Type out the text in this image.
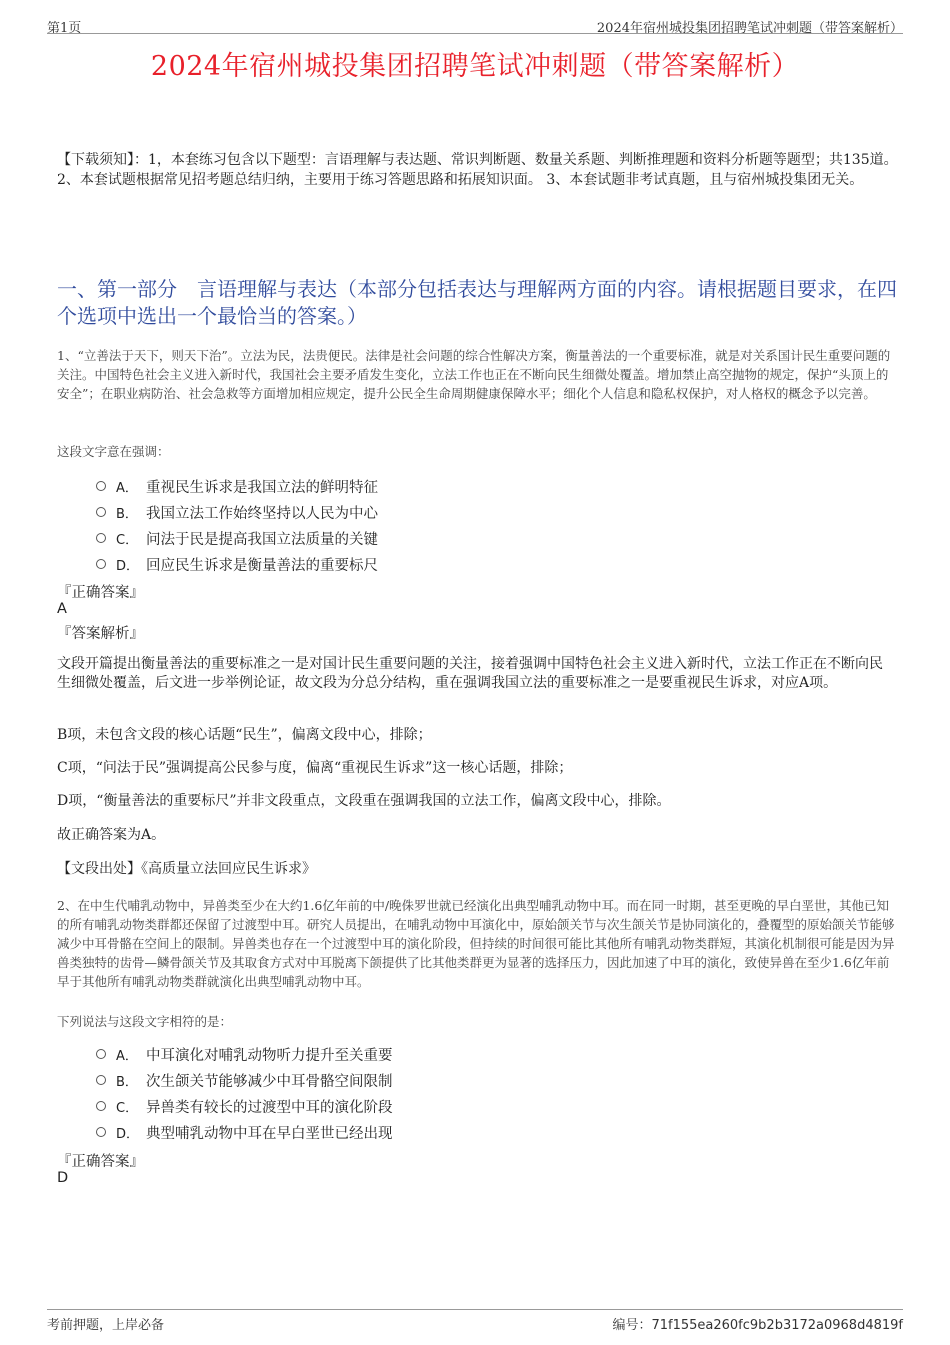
第1页	2024年宿州城投集团招聘笔试冲刺题（带答案解析）
2024年宿州城投集团招聘笔试冲刺题（带答案解析）
【下载须知】：1，本套练习包含以下题型：言语理解与表达题、常识判断题、数量关系题、判断推理题和资料分析题等题型；共135道。 2、本套试题根据常见招考题总结归纳，主要用于练习答题思路和拓展知识面。 3、本套试题非考试真题，且与宿州城投集团无关。
一、第一部分　言语理解与表达（本部分包括表达与理解两方面的内容。请根据题目要求，在四个选项中选出一个最恰当的答案。）
1、“立善法于天下，则天下治”。立法为民，法贵便民。法律是社会问题的综合性解决方案，衡量善法的一个重要标准，就是对关系国计民生重要问题的关注。中国特色社会主义进入新时代，我国社会主要矛盾发生变化，立法工作也正在不断向民生细微处覆盖。增加禁止高空抛物的规定，保护“头顶上的安全”；在职业病防治、社会急救等方面增加相应规定，提升公民全生命周期健康保障水平；细化个人信息和隐私权保护，对人格权的概念予以完善。
这段文字意在强调：
A． 重视民生诉求是我国立法的鲜明特征
B． 我国立法工作始终坚持以人民为中心
C． 问法于民是提高我国立法质量的关键
D． 回应民生诉求是衡量善法的重要标尺
『正确答案』
A
『答案解析』
文段开篇提出衡量善法的重要标准之一是对国计民生重要问题的关注，接着强调中国特色社会主义进入新时代，立法工作正在不断向民生细微处覆盖，后文进一步举例论证，故文段为分总分结构，重在强调我国立法的重要标准之一是要重视民生诉求，对应A项。
B项，未包含文段的核心话题“民生”，偏离文段中心，排除；
C项，“问法于民”强调提高公民参与度，偏离“重视民生诉求”这一核心话题，排除；
D项，“衡量善法的重要标尺”并非文段重点，文段重在强调我国的立法工作，偏离文段中心，排除。
故正确答案为A。
【文段出处】《高质量立法回应民生诉求》
2、在中生代哺乳动物中，异兽类至少在大约1.6亿年前的中/晚侏罗世就已经演化出典型哺乳动物中耳。而在同一时期，甚至更晚的早白垩世，其他已知的所有哺乳动物类群都还保留了过渡型中耳。研究人员提出，在哺乳动物中耳演化中，原始颌关节与次生颌关节是协同演化的，叠覆型的原始颌关节能够减少中耳骨骼在空间上的限制。异兽类也存在一个过渡型中耳的演化阶段，但持续的时间很可能比其他所有哺乳动物类群短，其演化机制很可能是因为异兽类独特的齿骨—鳞骨颌关节及其取食方式对中耳脱离下颌提供了比其他类群更为显著的选择压力，因此加速了中耳的演化，致使异兽在至少1.6亿年前早于其他所有哺乳动物类群就演化出典型哺乳动物中耳。
下列说法与这段文字相符的是：
A． 中耳演化对哺乳动物听力提升至关重要
B． 次生颌关节能够减少中耳骨骼空间限制
C． 异兽类有较长的过渡型中耳的演化阶段
D． 典型哺乳动物中耳在早白垩世已经出现
『正确答案』
D
考前押题，上岸必备	编号：71f155ea260fc9b2b3172a0968d4819f
